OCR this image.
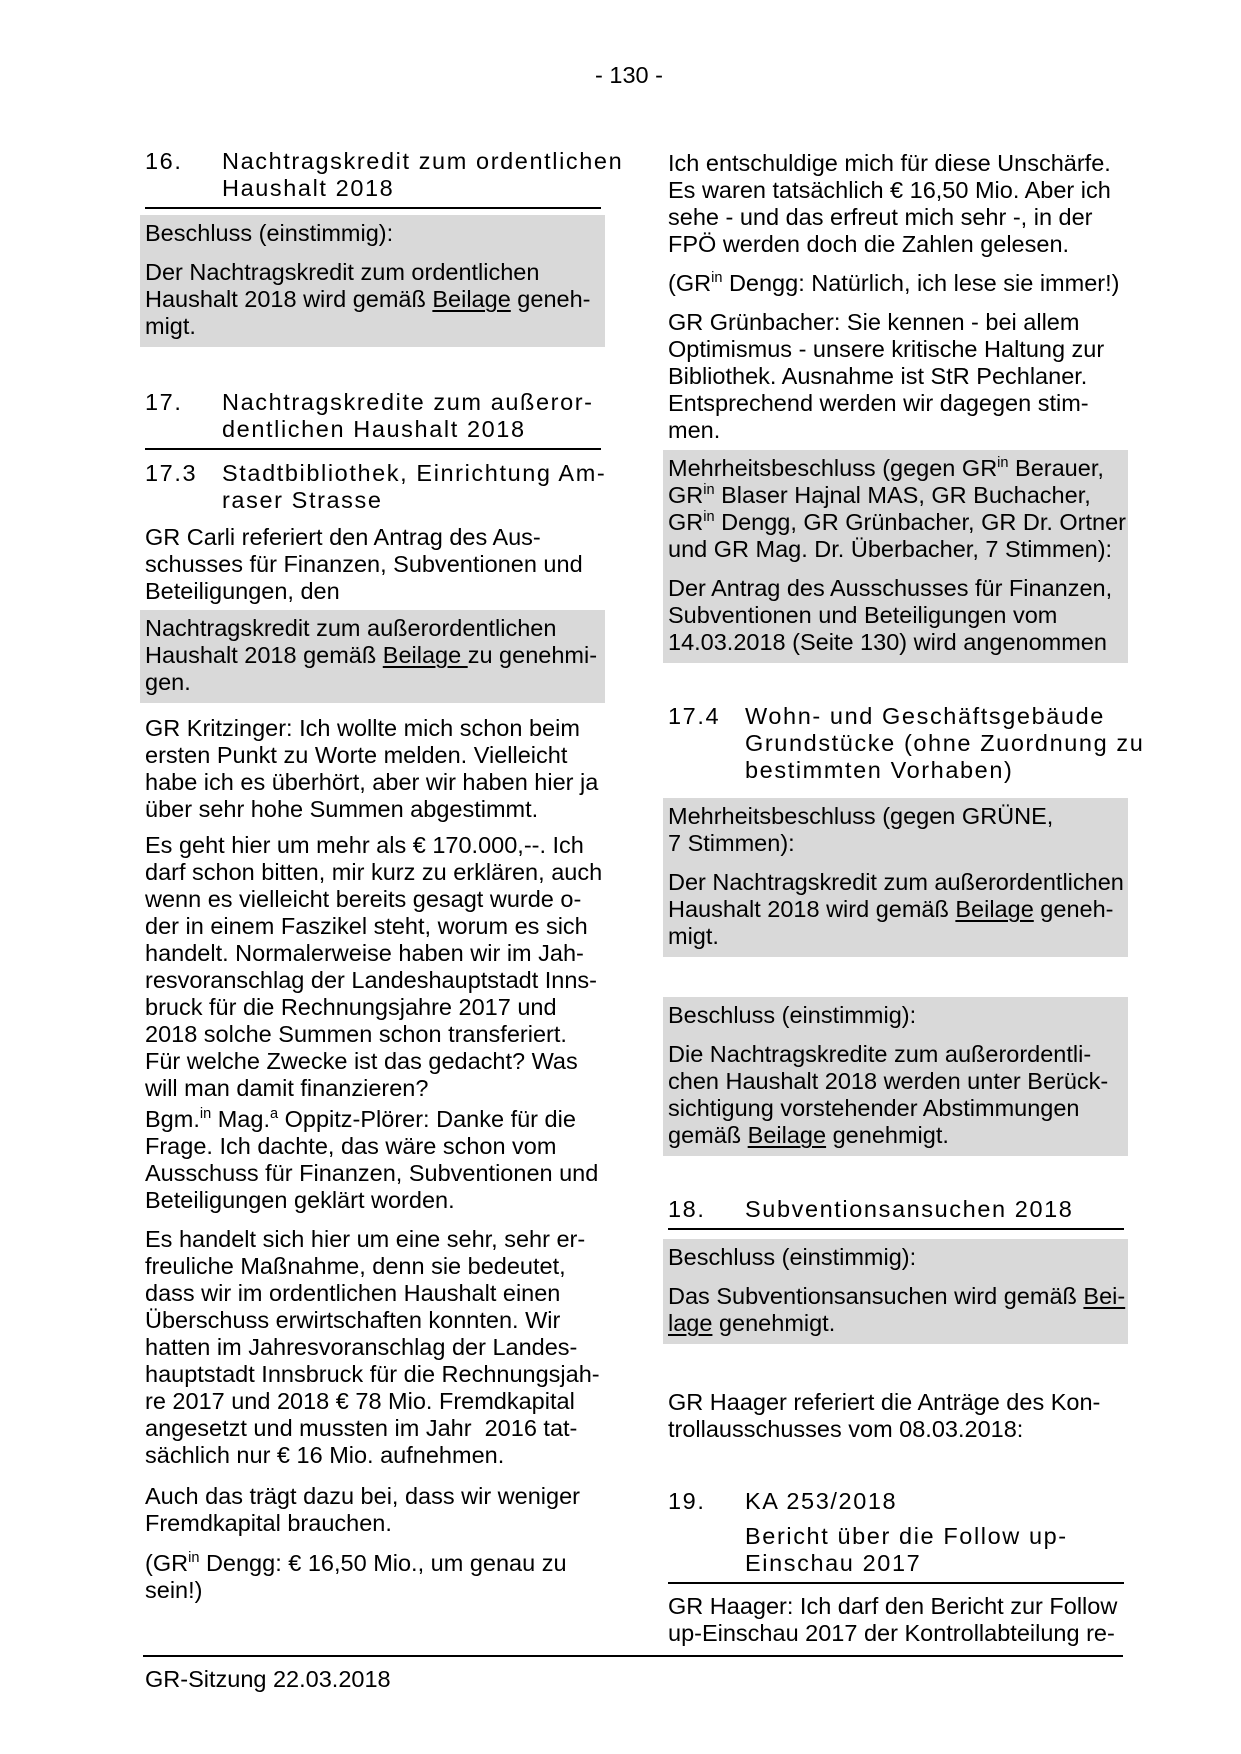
- 130 -
16.	Nachtragskredit zum ordentlichen
Haushalt 2018
Beschluss (einstimmig):
Der Nachtragskredit zum ordentlichen
Haushalt 2018 wird gemäß Beilage geneh-
migt.
17.	Nachtragskredite zum außeror-
dentlichen Haushalt 2018
17.3	Stadtbibliothek, Einrichtung Am-
raser Strasse
GR Carli referiert den Antrag des Aus-
schusses für Finanzen, Subventionen und
Beteiligungen, den
Nachtragskredit zum außerordentlichen
Haushalt 2018 gemäß Beilage zu genehmi-
gen.
GR Kritzinger: Ich wollte mich schon beim
ersten Punkt zu Worte melden. Vielleicht
habe ich es überhört, aber wir haben hier ja
über sehr hohe Summen abgestimmt.
Es geht hier um mehr als € 170.000,--. Ich
darf schon bitten, mir kurz zu erklären, auch
wenn es vielleicht bereits gesagt wurde o-
der in einem Faszikel steht, worum es sich
handelt. Normalerweise haben wir im Jah-
resvoranschlag der Landeshauptstadt Inns-
bruck für die Rechnungsjahre 2017 und
2018 solche Summen schon transferiert.
Für welche Zwecke ist das gedacht? Was
will man damit finanzieren?
Bgm.$^{in}$ Mag.$^a$ Oppitz-Plörer: Danke für die
Frage. Ich dachte, das wäre schon vom
Ausschuss für Finanzen, Subventionen und
Beteiligungen geklärt worden.
Es handelt sich hier um eine sehr, sehr er-
freuliche Maßnahme, denn sie bedeutet,
dass wir im ordentlichen Haushalt einen
Überschuss erwirtschaften konnten. Wir
hatten im Jahresvoranschlag der Landes-
hauptstadt Innsbruck für die Rechnungsjah-
re 2017 und 2018 € 78 Mio. Fremdkapital
angesetzt und mussten im Jahr  2016 tat-
sächlich nur € 16 Mio. aufnehmen.
Auch das trägt dazu bei, dass wir weniger
Fremdkapital brauchen.
($GR^{in}$ Dengg: € 16,50 Mio., um genau zu
sein!)
Ich entschuldige mich für diese Unschärfe.
Es waren tatsächlich € 16,50 Mio. Aber ich
sehe - und das erfreut mich sehr -, in der
FPÖ werden doch die Zahlen gelesen.
($GR^{in}$ Dengg: Natürlich, ich lese sie immer!)
GR Grünbacher: Sie kennen - bei allem
Optimismus - unsere kritische Haltung zur
Bibliothek. Ausnahme ist StR Pechlaner.
Entsprechend werden wir dagegen stim-
men.
Mehrheitsbeschluss (gegen $GR^{in}$ Berauer,
$GR^{in}$ Blaser Hajnal MAS, GR Buchacher,
$GR^{in}$ Dengg, GR Grünbacher, GR Dr. Ortner
und GR Mag. Dr. Überbacher, 7 Stimmen):
Der Antrag des Ausschusses für Finanzen,
Subventionen und Beteiligungen vom
14.03.2018 (Seite 130) wird angenommen
17.4	Wohn- und Geschäftsgebäude
Grundstücke (ohne Zuordnung zu
bestimmten Vorhaben)
Mehrheitsbeschluss (gegen GRÜNE,
7 Stimmen):
Der Nachtragskredit zum außerordentlichen
Haushalt 2018 wird gemäß Beilage geneh-
migt.
Beschluss (einstimmig):
Die Nachtragskredite zum außerordentli-
chen Haushalt 2018 werden unter Berück-
sichtigung vorstehender Abstimmungen
gemäß Beilage genehmigt.
18.	Subventionsansuchen 2018
Beschluss (einstimmig):
Das Subventionsansuchen wird gemäß Bei-
lage genehmigt.
GR Haager referiert die Anträge des Kon-
trollausschusses vom 08.03.2018:
19.	KA 253/2018
Bericht über die Follow up-
Einschau 2017
GR Haager: Ich darf den Bericht zur Follow
up-Einschau 2017 der Kontrollabteilung re-
GR-Sitzung 22.03.2018
